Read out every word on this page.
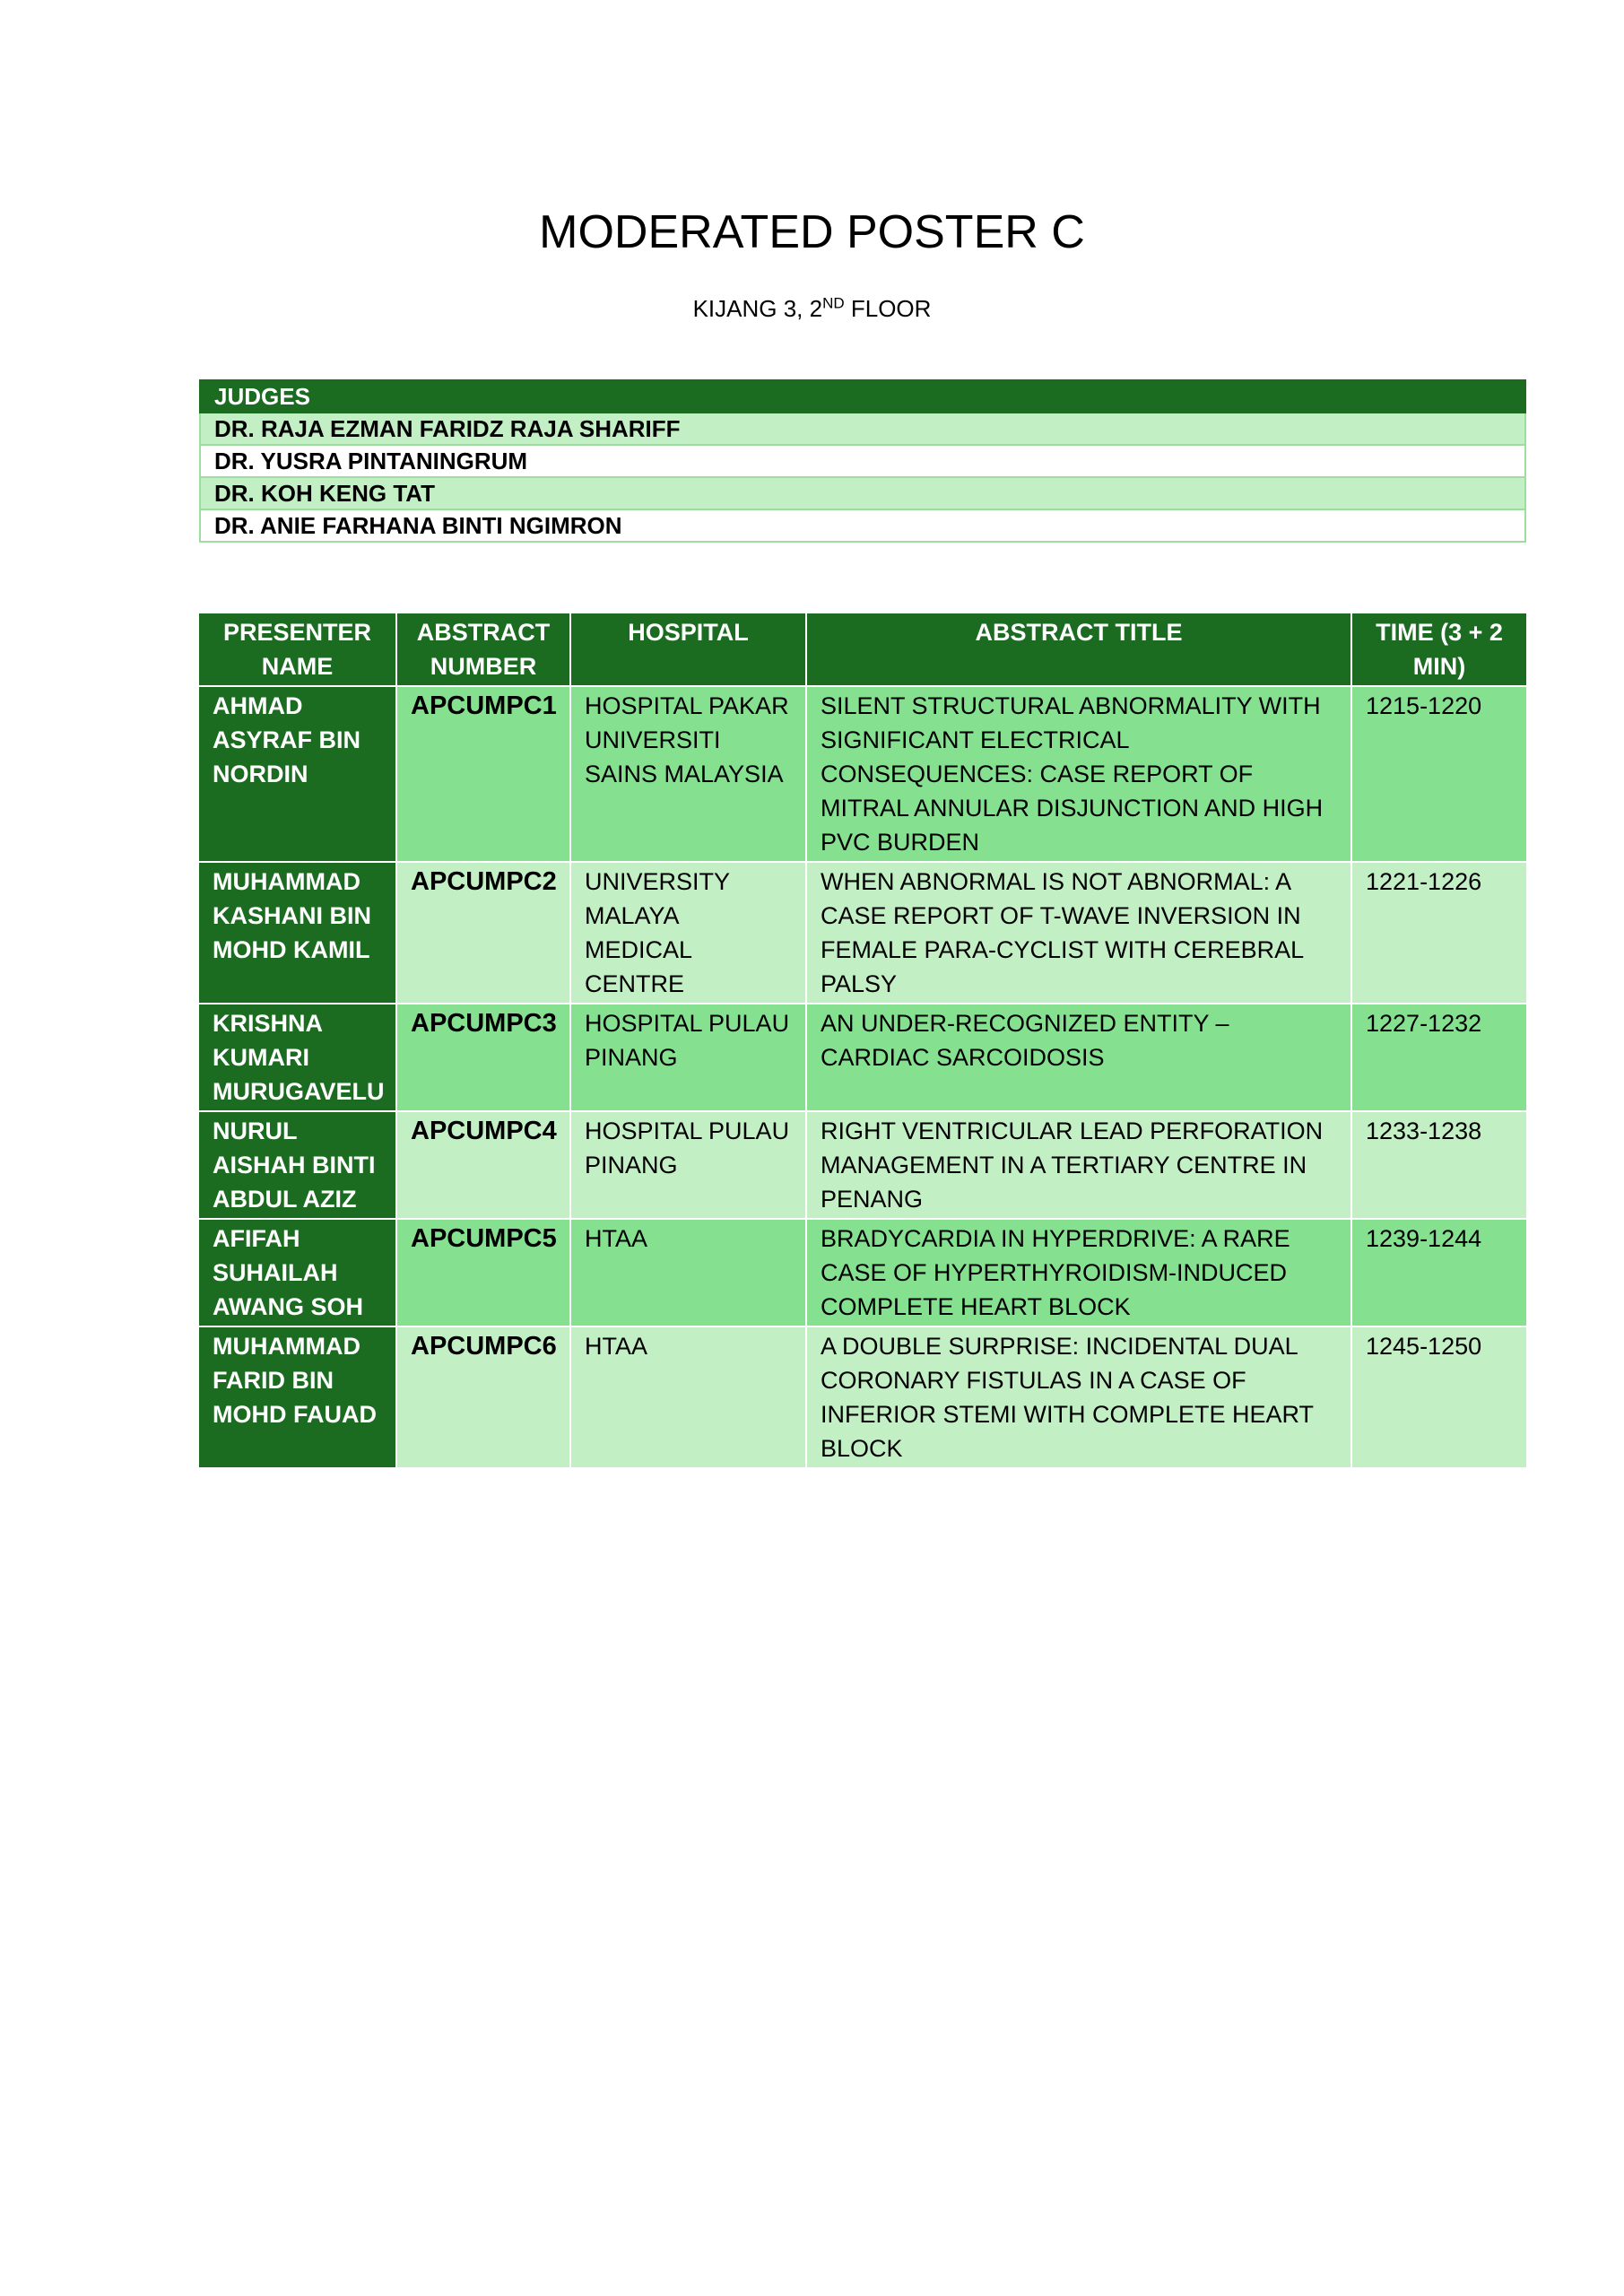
MODERATED POSTER C
KIJANG 3, 2ND FLOOR
JUDGES
DR. RAJA EZMAN FARIDZ RAJA SHARIFF
DR. YUSRA PINTANINGRUM
DR. KOH KENG TAT
DR. ANIE FARHANA BINTI NGIMRON
PRESENTER NAME	ABSTRACT NUMBER	HOSPITAL	ABSTRACT TITLE	TIME (3 + 2 MIN)
AHMAD ASYRAF BIN NORDIN	APCUMPC1	HOSPITAL PAKAR UNIVERSITI SAINS MALAYSIA	SILENT STRUCTURAL ABNORMALITY WITH SIGNIFICANT ELECTRICAL CONSEQUENCES: CASE REPORT OF MITRAL ANNULAR DISJUNCTION AND HIGH PVC BURDEN	1215-1220
MUHAMMAD KASHANI BIN MOHD KAMIL	APCUMPC2	UNIVERSITY MALAYA MEDICAL CENTRE	WHEN ABNORMAL IS NOT ABNORMAL: A CASE REPORT OF T-WAVE INVERSION IN FEMALE PARA-CYCLIST WITH CEREBRAL PALSY	1221-1226
KRISHNA KUMARI MURUGAVELU	APCUMPC3	HOSPITAL PULAU PINANG	AN UNDER-RECOGNIZED ENTITY – CARDIAC SARCOIDOSIS	1227-1232
NURUL AISHAH BINTI ABDUL AZIZ	APCUMPC4	HOSPITAL PULAU PINANG	RIGHT VENTRICULAR LEAD PERFORATION MANAGEMENT IN A TERTIARY CENTRE IN PENANG	1233-1238
AFIFAH SUHAILAH AWANG SOH	APCUMPC5	HTAA	BRADYCARDIA IN HYPERDRIVE: A RARE CASE OF HYPERTHYROIDISM-INDUCED COMPLETE HEART BLOCK	1239-1244
MUHAMMAD FARID BIN MOHD FAUAD	APCUMPC6	HTAA	A DOUBLE SURPRISE: INCIDENTAL DUAL CORONARY FISTULAS IN A CASE OF INFERIOR STEMI WITH COMPLETE HEART BLOCK	1245-1250
